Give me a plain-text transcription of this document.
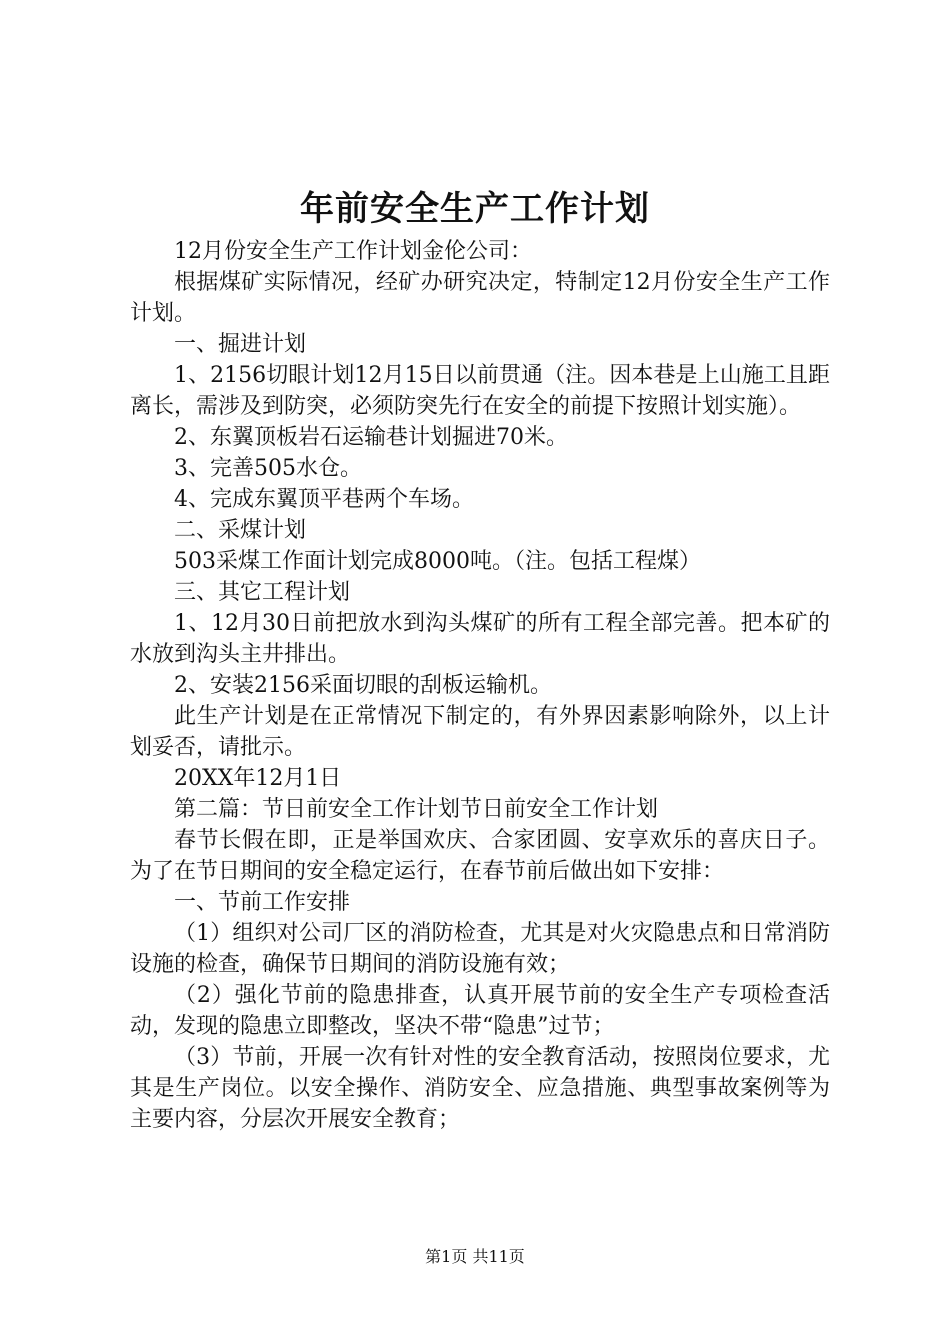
年前安全生产工作计划

12月份安全生产工作计划金伦公司：

根据煤矿实际情况，经矿办研究决定，特制定12月份安全生产工作计划。

一、掘进计划

1、2156切眼计划12月15日以前贯通（注。因本巷是上山施工且距离长，需涉及到防突，必须防突先行在安全的前提下按照计划实施）。

2、东翼顶板岩石运输巷计划掘进70米。

3、完善505水仓。

4、完成东翼顶平巷两个车场。

二、采煤计划

503采煤工作面计划完成8000吨。（注。包括工程煤）

三、其它工程计划

1、12月30日前把放水到沟头煤矿的所有工程全部完善。把本矿的水放到沟头主井排出。

2、安装2156采面切眼的刮板运输机。

此生产计划是在正常情况下制定的，有外界因素影响除外，以上计划妥否，请批示。

20XX年12月1日

第二篇：节日前安全工作计划节日前安全工作计划

春节长假在即，正是举国欢庆、合家团圆、安享欢乐的喜庆日子。为了在节日期间的安全稳定运行，在春节前后做出如下安排：

一、节前工作安排

（1）组织对公司厂区的消防检查，尤其是对火灾隐患点和日常消防设施的检查，确保节日期间的消防设施有效；

（2）强化节前的隐患排查，认真开展节前的安全生产专项检查活动，发现的隐患立即整改，坚决不带“隐患”过节；

（3）节前，开展一次有针对性的安全教育活动，按照岗位要求，尤其是生产岗位。以安全操作、消防安全、应急措施、典型事故案例等为主要内容，分层次开展安全教育；

第1页 共11页
